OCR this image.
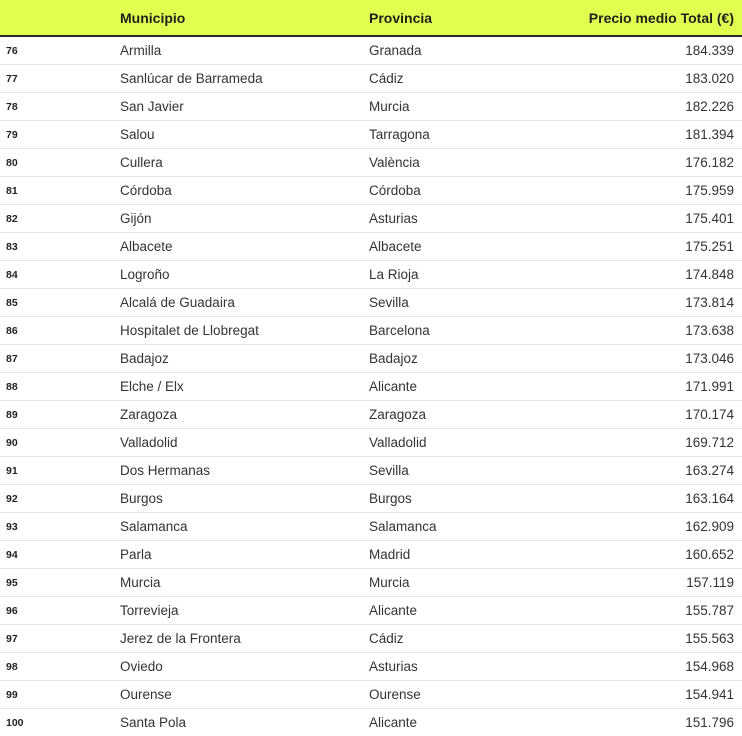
	Municipio	Provincia	Precio medio Total (€)
76	Armilla	Granada	184.339
77	Sanlúcar de Barrameda	Cádiz	183.020
78	San Javier	Murcia	182.226
79	Salou	Tarragona	181.394
80	Cullera	València	176.182
81	Córdoba	Córdoba	175.959
82	Gijón	Asturias	175.401
83	Albacete	Albacete	175.251
84	Logroño	La Rioja	174.848
85	Alcalá de Guadaira	Sevilla	173.814
86	Hospitalet de Llobregat	Barcelona	173.638
87	Badajoz	Badajoz	173.046
88	Elche / Elx	Alicante	171.991
89	Zaragoza	Zaragoza	170.174
90	Valladolid	Valladolid	169.712
91	Dos Hermanas	Sevilla	163.274
92	Burgos	Burgos	163.164
93	Salamanca	Salamanca	162.909
94	Parla	Madrid	160.652
95	Murcia	Murcia	157.119
96	Torrevieja	Alicante	155.787
97	Jerez de la Frontera	Cádiz	155.563
98	Oviedo	Asturias	154.968
99	Ourense	Ourense	154.941
100	Santa Pola	Alicante	151.796
